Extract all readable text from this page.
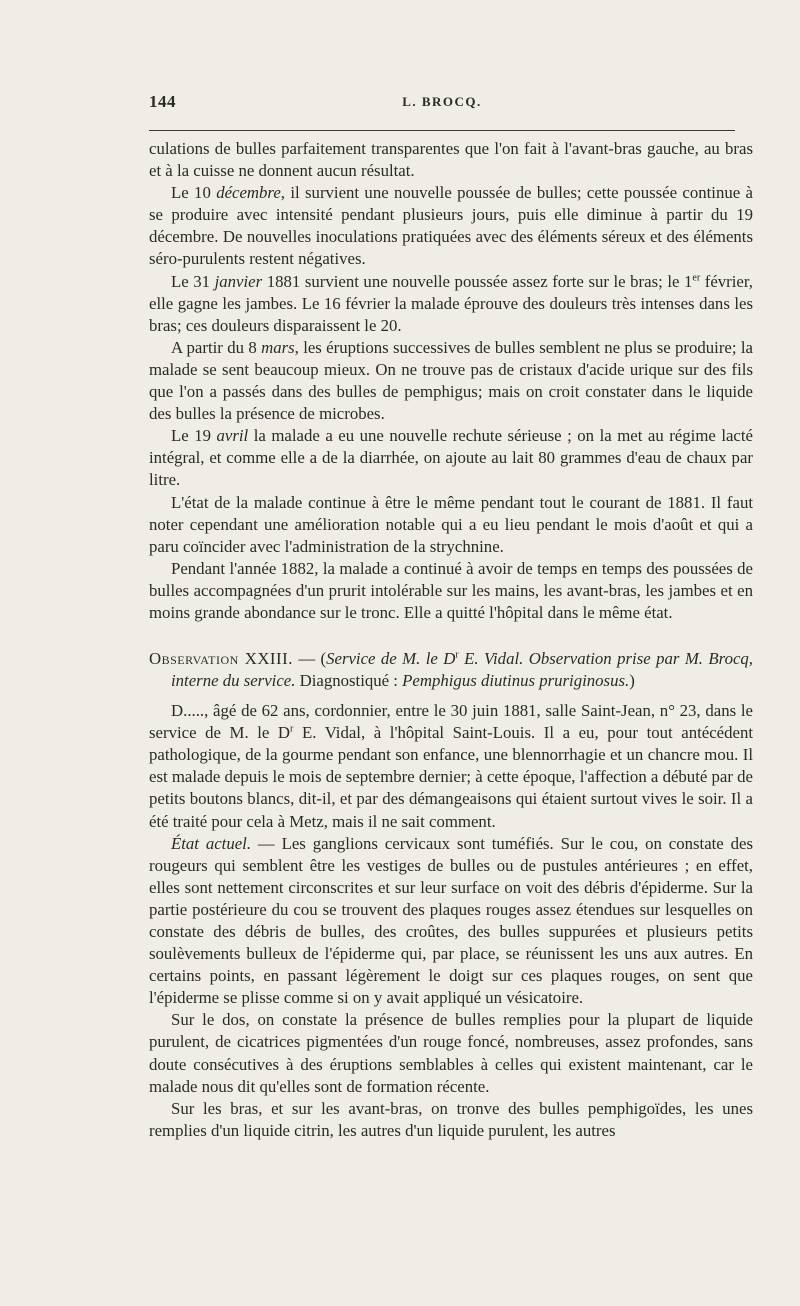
144	L. BROCQ.

culations de bulles parfaitement transparentes que l'on fait à l'avant-bras gauche, au bras et à la cuisse ne donnent aucun résultat.

Le 10 décembre, il survient une nouvelle poussée de bulles; cette poussée continue à se produire avec intensité pendant plusieurs jours, puis elle diminue à partir du 19 décembre. De nouvelles inoculations pratiquées avec des éléments séreux et des éléments séro-purulents restent négatives.

Le 31 janvier 1881 survient une nouvelle poussée assez forte sur le bras; le 1er février, elle gagne les jambes. Le 16 février la malade éprouve des douleurs très intenses dans les bras; ces douleurs disparaissent le 20.

A partir du 8 mars, les éruptions successives de bulles semblent ne plus se produire; la malade se sent beaucoup mieux. On ne trouve pas de cristaux d'acide urique sur des fils que l'on a passés dans des bulles de pemphigus; mais on croit constater dans le liquide des bulles la présence de microbes.

Le 19 avril la malade a eu une nouvelle rechute sérieuse ; on la met au régime lacté intégral, et comme elle a de la diarrhée, on ajoute au lait 80 grammes d'eau de chaux par litre.

L'état de la malade continue à être le même pendant tout le courant de 1881. Il faut noter cependant une amélioration notable qui a eu lieu pendant le mois d'août et qui a paru coïncider avec l'administration de la strychnine.

Pendant l'année 1882, la malade a continué à avoir de temps en temps des poussées de bulles accompagnées d'un prurit intolérable sur les mains, les avant-bras, les jambes et en moins grande abondance sur le tronc. Elle a quitté l'hôpital dans le même état.

Observation XXIII. — (Service de M. le $D^r$ E. Vidal. Observation prise par M. Brocq, interne du service. Diagnostiqué : Pemphigus diutinus pruriginosus.)

D....., âgé de 62 ans, cordonnier, entre le 30 juin 1881, salle Saint-Jean, n° 23, dans le service de M. le $D^r$ E. Vidal, à l'hôpital Saint-Louis. Il a eu, pour tout antécédent pathologique, de la gourme pendant son enfance, une blennorrhagie et un chancre mou. Il est malade depuis le mois de septembre dernier; à cette époque, l'affection a débuté par de petits boutons blancs, dit-il, et par des démangeaisons qui étaient surtout vives le soir. Il a été traité pour cela à Metz, mais il ne sait comment.

État actuel. — Les ganglions cervicaux sont tuméfiés. Sur le cou, on constate des rougeurs qui semblent être les vestiges de bulles ou de pustules antérieures ; en effet, elles sont nettement circonscrites et sur leur surface on voit des débris d'épiderme. Sur la partie postérieure du cou se trouvent des plaques rouges assez étendues sur lesquelles on constate des débris de bulles, des croûtes, des bulles suppurées et plusieurs petits soulèvements bulleux de l'épiderme qui, par place, se réunissent les uns aux autres. En certains points, en passant légèrement le doigt sur ces plaques rouges, on sent que l'épiderme se plisse comme si on y avait appliqué un vésicatoire.

Sur le dos, on constate la présence de bulles remplies pour la plupart de liquide purulent, de cicatrices pigmentées d'un rouge foncé, nombreuses, assez profondes, sans doute consécutives à des éruptions semblables à celles qui existent maintenant, car le malade nous dit qu'elles sont de formation récente.

Sur les bras, et sur les avant-bras, on tronve des bulles pemphigoïdes, les unes remplies d'un liquide citrin, les autres d'un liquide purulent, les autres
